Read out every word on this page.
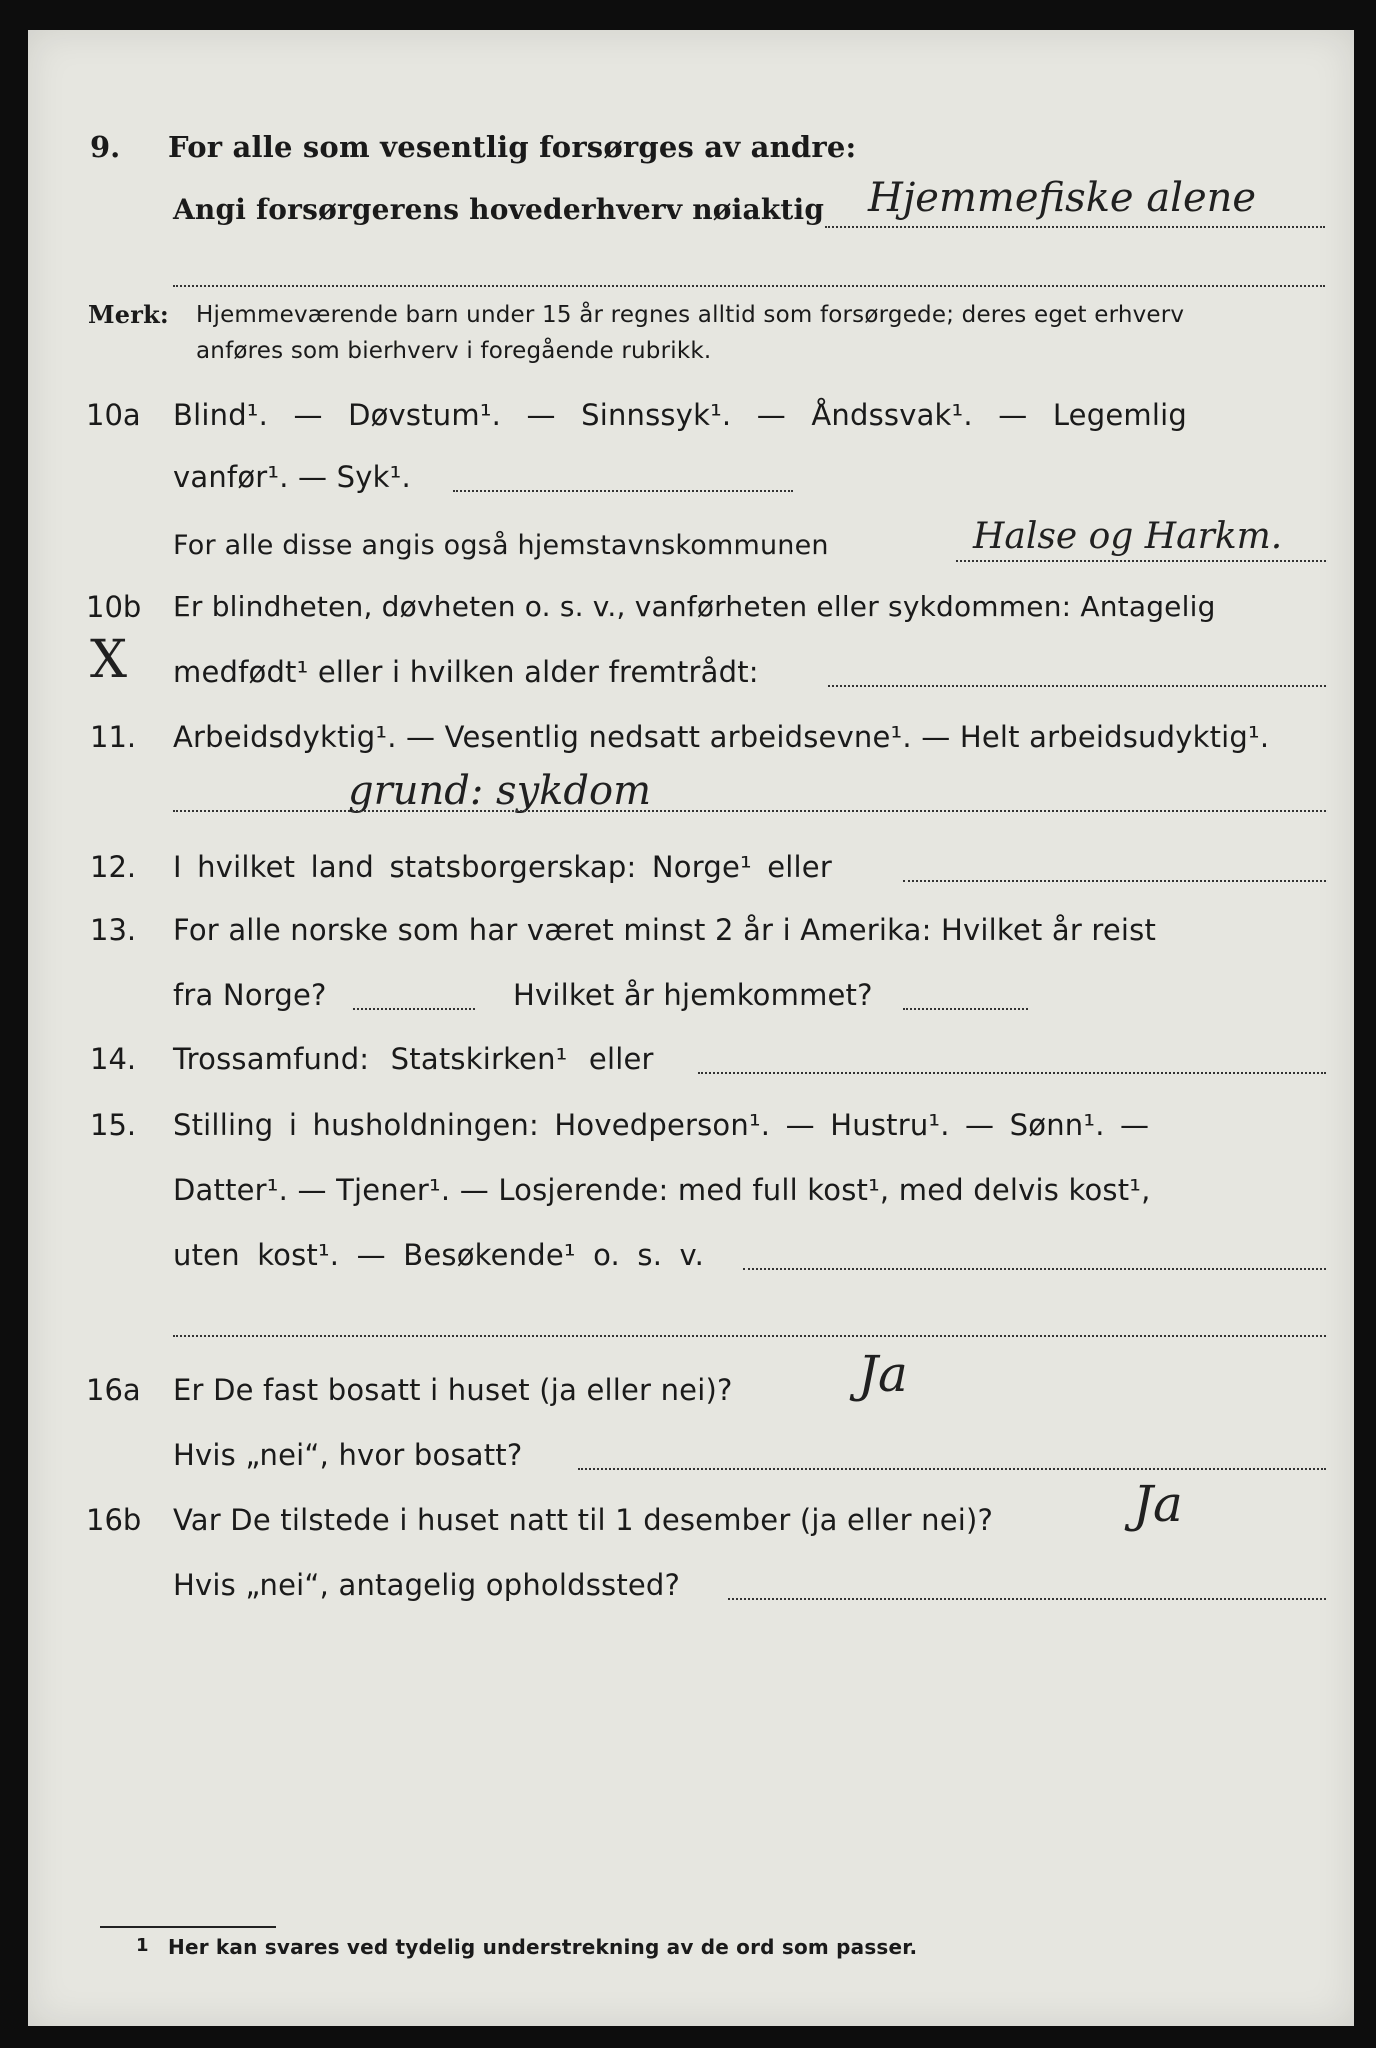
9. For alle som vesentlig forsørges av andre:
Angi forsørgerens hovederhverv nøiaktig Hjemmefiske alene
Merk: Hjemmeværende barn under 15 år regnes alltid som forsørgede; deres eget erhverv
anføres som bierhverv i foregående rubrikk.
10a Blind¹. — Døvstum¹. — Sinnssyk¹. — Åndssvak¹. — Legemlig
vanfør¹. — Syk¹.
For alle disse angis også hjemstavnskommunen	Halse og Harkm.
10b Er blindheten, døvheten o. s. v., vanførheten eller sykdommen: Antagelig
X medfødt¹ eller i hvilken alder fremtrådt:
11. Arbeidsdyktig¹. — Vesentlig nedsatt arbeidsevne¹. — Helt arbeidsudyktig¹.
grund: sykdom
12. I hvilket land statsborgerskap: Norge¹ eller
13. For alle norske som har været minst 2 år i Amerika: Hvilket år reist
fra Norge?	Hvilket år hjemkommet?
14. Trossamfund: Statskirken¹ eller
15. Stilling i husholdningen: Hovedperson¹. — Hustru¹. — Sønn¹. —
Datter¹. — Tjener¹. — Losjerende: med full kost¹, med delvis kost¹,
uten kost¹. — Besøkende¹ o. s. v.
16a Er De fast bosatt i huset (ja eller nei)?	Ja
Hvis „nei“, hvor bosatt?
16b Var De tilstede i huset natt til 1 desember (ja eller nei)?	Ja
Hvis „nei“, antagelig opholdssted?
1 Her kan svares ved tydelig understrekning av de ord som passer.
